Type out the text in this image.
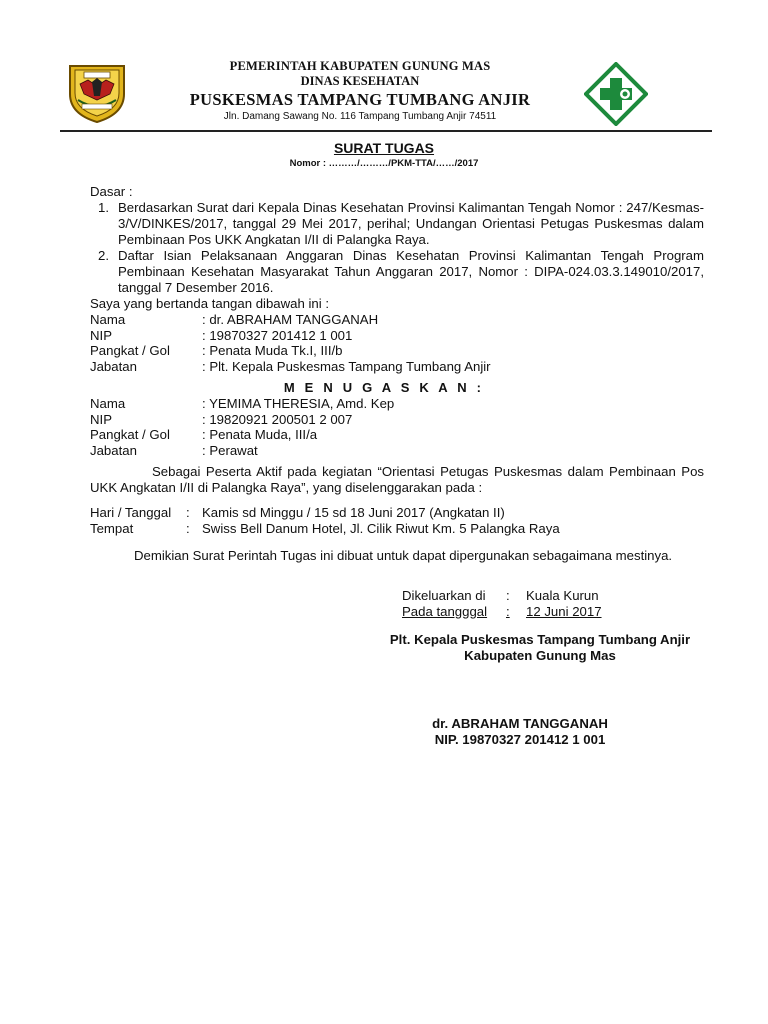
PEMERINTAH KABUPATEN GUNUNG MAS
DINAS KESEHATAN
PUSKESMAS TAMPANG TUMBANG ANJIR
Jln. Damang Sawang No. 116 Tampang Tumbang Anjir 74511
SURAT TUGAS
Nomor : ………/………/PKM-TTA/……/2017
Dasar :
1. Berdasarkan Surat dari Kepala Dinas Kesehatan Provinsi Kalimantan Tengah Nomor : 247/Kesmas-3/V/DINKES/2017, tanggal 29 Mei 2017, perihal; Undangan Orientasi Petugas Puskesmas dalam Pembinaan Pos UKK Angkatan I/II di Palangka Raya.
2. Daftar Isian Pelaksanaan Anggaran Dinas Kesehatan Provinsi Kalimantan Tengah Program Pembinaan Kesehatan Masyarakat Tahun Anggaran 2017, Nomor : DIPA-024.03.3.149010/2017, tanggal 7 Desember 2016.
Saya yang bertanda tangan dibawah ini :
Nama	: dr. ABRAHAM TANGGANAH
NIP	: 19870327 201412 1 001
Pangkat / Gol	: Penata Muda Tk.I, III/b
Jabatan	: Plt. Kepala Puskesmas Tampang Tumbang Anjir
M E N U G A S K A N :
Nama	: YEMIMA THERESIA, Amd. Kep
NIP	: 19820921 200501 2 007
Pangkat / Gol	: Penata Muda, III/a
Jabatan	: Perawat
Sebagai Peserta Aktif pada kegiatan “Orientasi Petugas Puskesmas dalam Pembinaan Pos UKK Angkatan I/II di Palangka Raya”, yang diselenggarakan pada :
Hari / Tanggal	: Kamis sd Minggu / 15 sd 18 Juni 2017 (Angkatan II)
Tempat	: Swiss Bell Danum Hotel, Jl. Cilik Riwut Km. 5 Palangka Raya
Demikian Surat Perintah Tugas ini dibuat untuk dapat dipergunakan sebagaimana mestinya.
Dikeluarkan di	:	Kuala Kurun
Pada tangggal	:	12 Juni 2017
Plt. Kepala Puskesmas Tampang Tumbang Anjir
Kabupaten Gunung Mas
dr. ABRAHAM TANGGANAH
NIP. 19870327 201412 1 001
